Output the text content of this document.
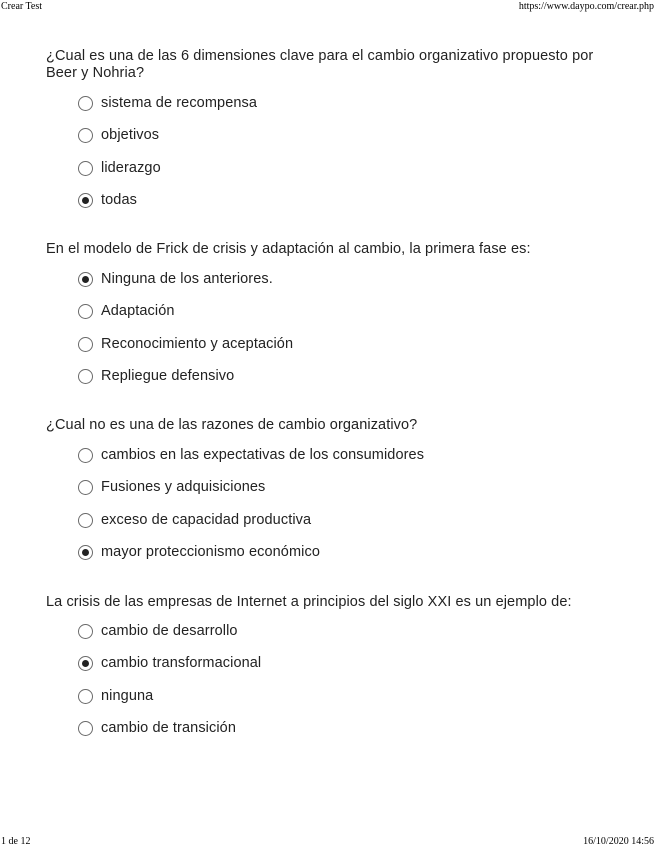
Crear Test	https://www.daypo.com/crear.php
¿Cual es una de las 6 dimensiones clave para el cambio organizativo propuesto por Beer y Nohria?
sistema de recompensa
objetivos
liderazgo
todas
En el modelo de Frick de crisis y adaptación al cambio, la primera fase es:
Ninguna de los anteriores.
Adaptación
Reconocimiento y aceptación
Repliegue defensivo
¿Cual no es una de las razones de cambio organizativo?
cambios en las expectativas de los consumidores
Fusiones y adquisiciones
exceso de capacidad productiva
mayor proteccionismo económico
La crisis de las empresas de Internet a principios del siglo XXI es un ejemplo de:
cambio de desarrollo
cambio transformacional
ninguna
cambio de transición
1 de 12	16/10/2020 14:56
